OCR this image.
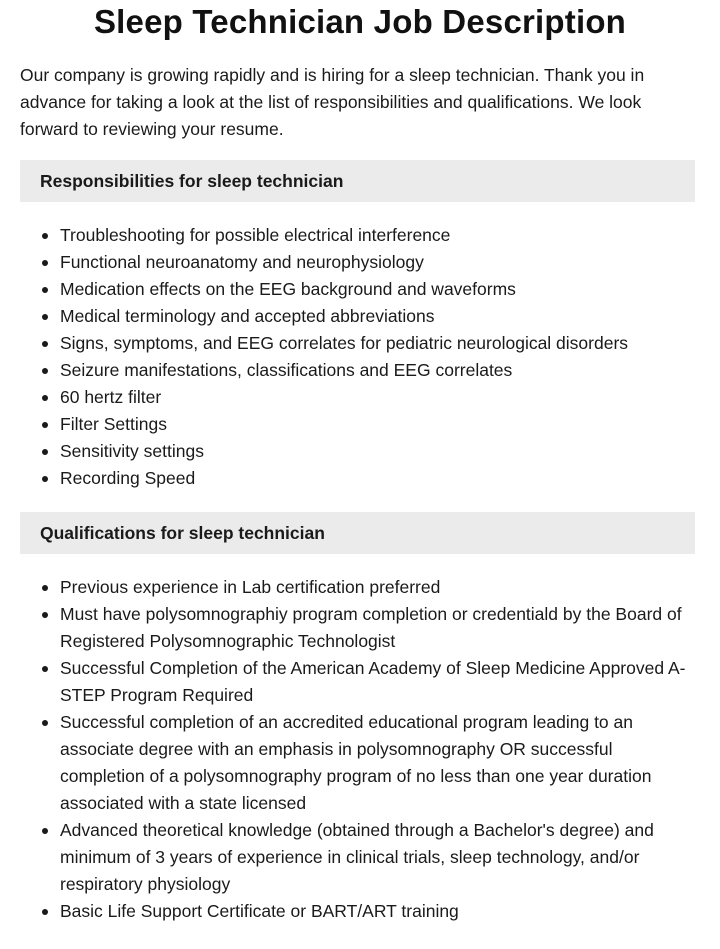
Sleep Technician Job Description

Our company is growing rapidly and is hiring for a sleep technician. Thank you in advance for taking a look at the list of responsibilities and qualifications. We look forward to reviewing your resume.

Responsibilities for sleep technician
Troubleshooting for possible electrical interference
Functional neuroanatomy and neurophysiology
Medication effects on the EEG background and waveforms
Medical terminology and accepted abbreviations
Signs, symptoms, and EEG correlates for pediatric neurological disorders
Seizure manifestations, classifications and EEG correlates
60 hertz filter
Filter Settings
Sensitivity settings
Recording Speed
Qualifications for sleep technician
Previous experience in Lab certification preferred
Must have polysomnographiy program completion or credentiald by the Board of Registered Polysomnographic Technologist
Successful Completion of the American Academy of Sleep Medicine Approved A-STEP Program Required
Successful completion of an accredited educational program leading to an associate degree with an emphasis in polysomnography OR successful completion of a polysomnography program of no less than one year duration associated with a state licensed
Advanced theoretical knowledge (obtained through a Bachelor's degree) and minimum of 3 years of experience in clinical trials, sleep technology, and/or respiratory physiology
Basic Life Support Certificate or BART/ART training
